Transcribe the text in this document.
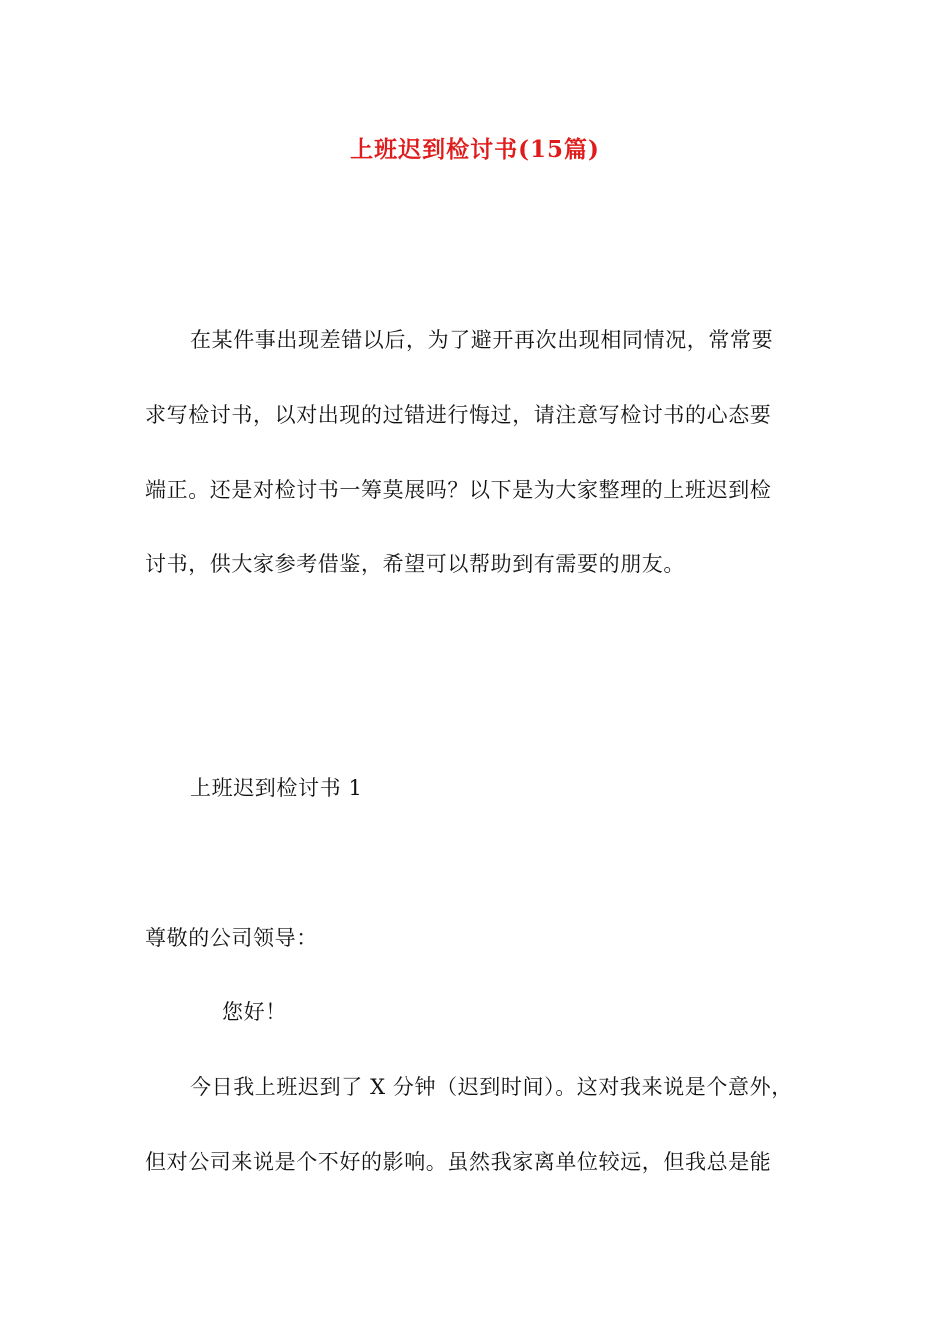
上班迟到检讨书(15篇)
在某件事出现差错以后，为了避开再次出现相同情况，常常要
求写检讨书，以对出现的过错进行悔过，请注意写检讨书的心态要
端正。还是对检讨书一筹莫展吗？以下是为大家整理的上班迟到检
讨书，供大家参考借鉴，希望可以帮助到有需要的朋友。
上班迟到检讨书 1
尊敬的公司领导：
您好！
今日我上班迟到了 X 分钟（迟到时间）。这对我来说是个意外，
但对公司来说是个不好的影响。虽然我家离单位较远，但我总是能
